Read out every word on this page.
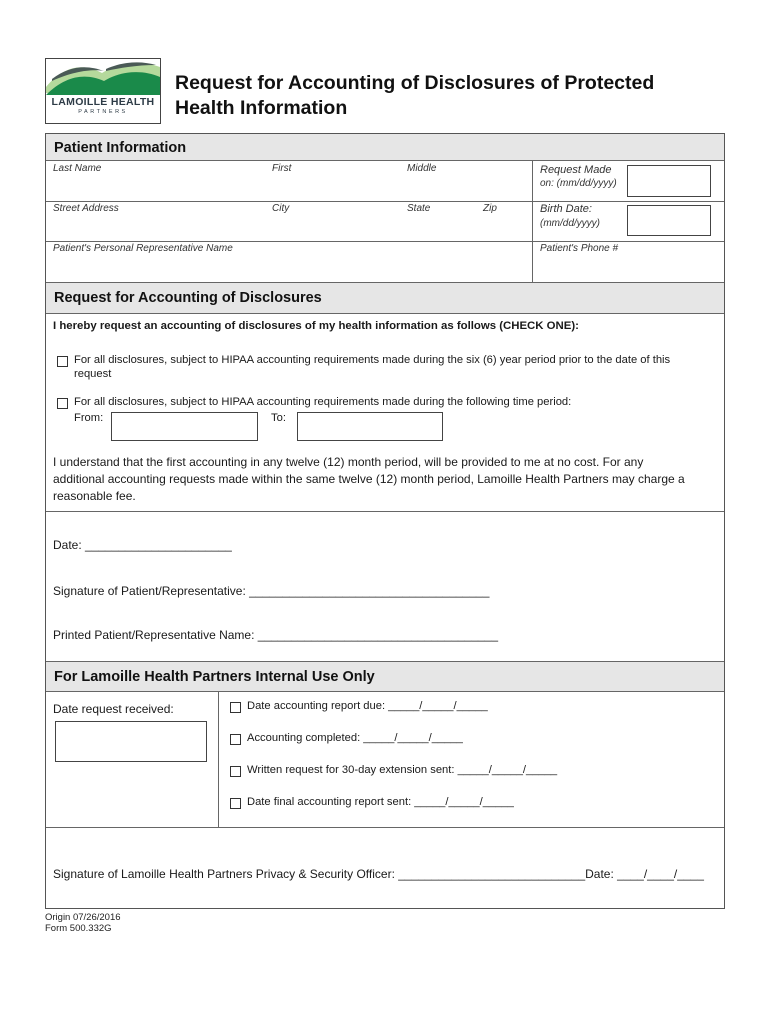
LAMOILLE HEALTH
PARTNERS
Request for Accounting of Disclosures of Protected Health Information
Patient Information
Last Name	First	Middle	Request Made
on: (mm/dd/yyyy)
Street Address	City	State	Zip	Birth Date:
(mm/dd/yyyy)
Patient's Personal Representative Name	Patient's Phone #
Request for Accounting of Disclosures
I hereby request an accounting of disclosures of my health information as follows (CHECK ONE):
For all disclosures, subject to HIPAA accounting requirements made during the six (6) year period prior to the date of this
request
For all disclosures, subject to HIPAA accounting requirements made during the following time period:
From:	To:
I understand that the first accounting in any twelve (12) month period, will be provided to me at no cost. For any
additional accounting requests made within the same twelve (12) month period, Lamoille Health Partners may charge a
reasonable fee.
Date: ______________________
Signature of Patient/Representative: ____________________________________
Printed Patient/Representative Name: ____________________________________
For Lamoille Health Partners Internal Use Only
Date request received:	Date accounting report due: _____/_____/_____
Accounting completed: _____/_____/_____
Written request for 30-day extension sent: _____/_____/_____
Date final accounting report sent: _____/_____/_____
Signature of Lamoille Health Partners Privacy & Security Officer: ____________________________Date: ____/____/____
Origin 07/26/2016
Form 500.332G
